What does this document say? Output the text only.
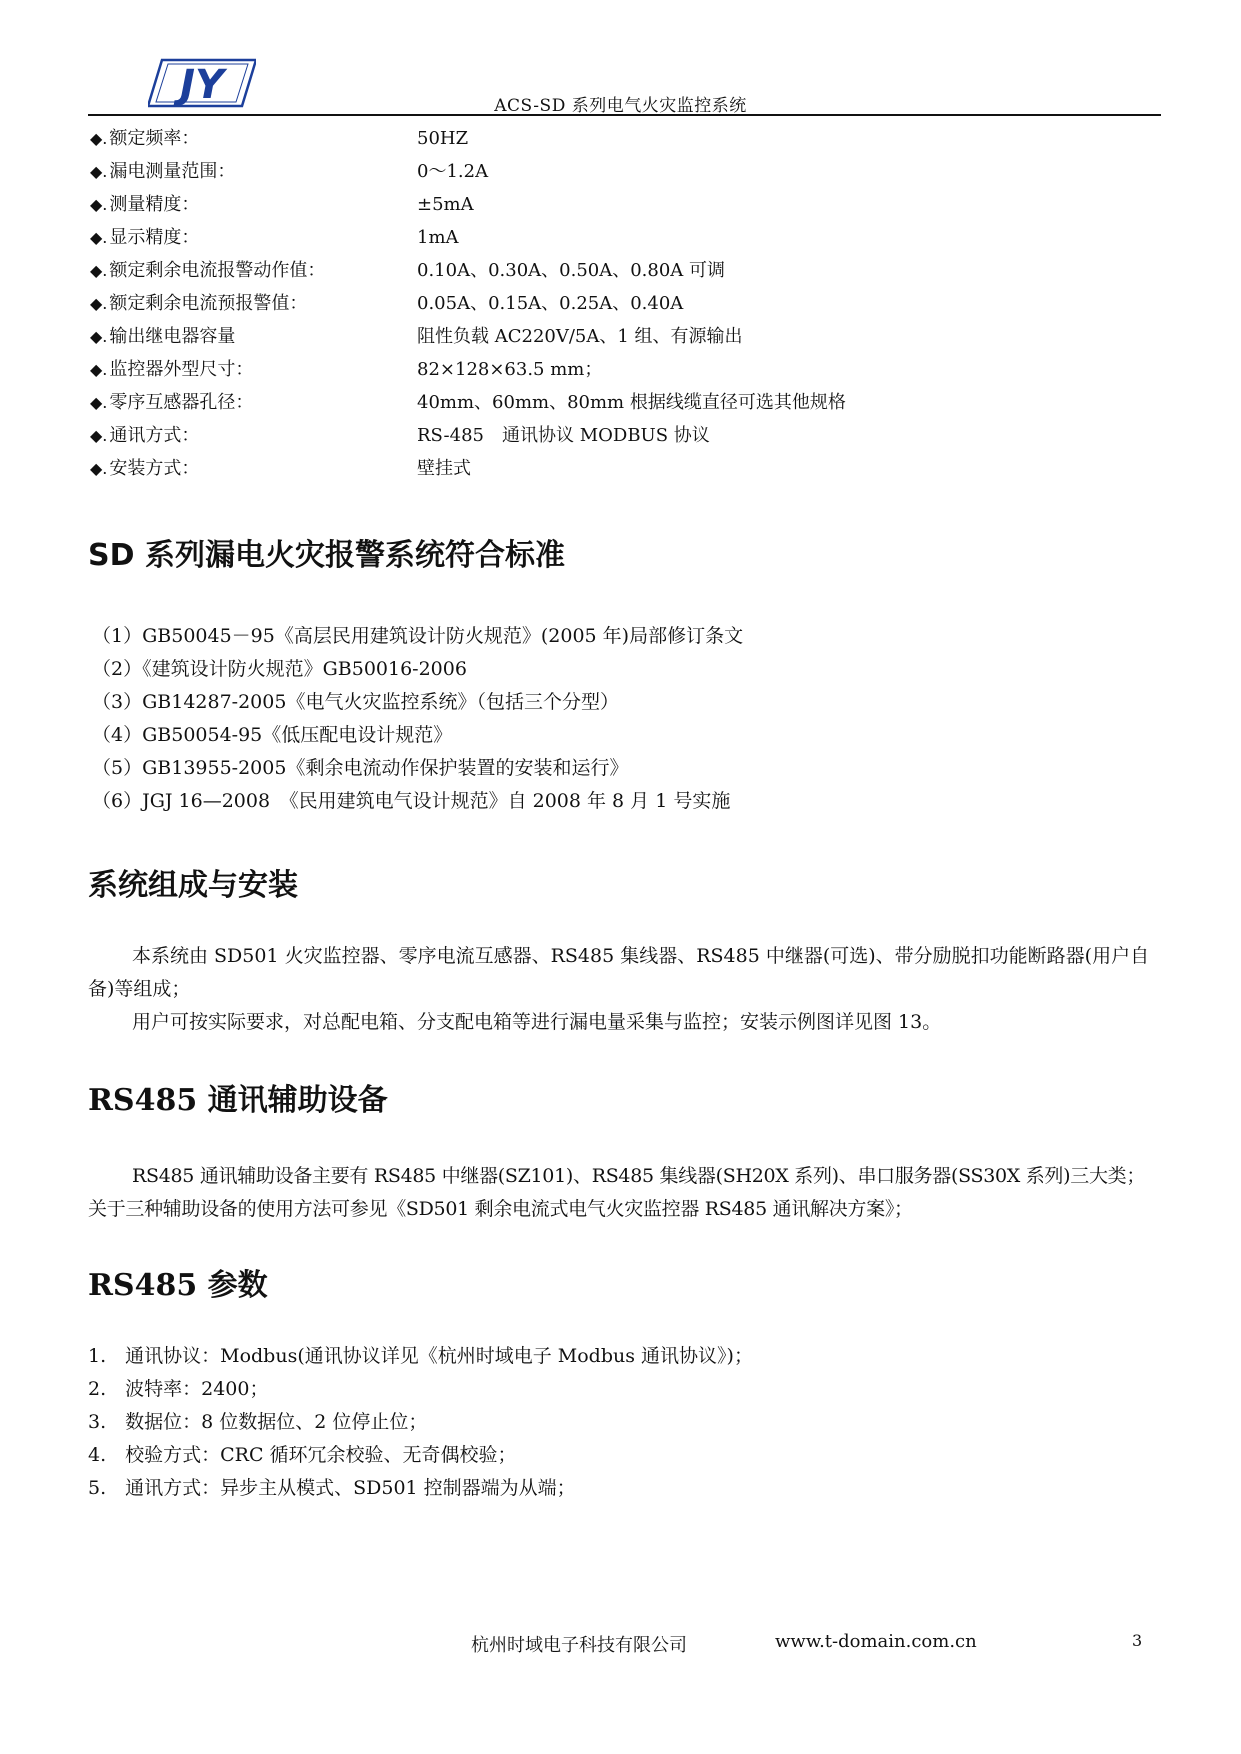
JY	ACS-SD 系列电气火灾监控系统
◆. 额定频率：	50HZ
◆. 漏电测量范围：	0～1.2A
◆. 测量精度：	±5mA
◆. 显示精度：	1mA
◆. 额定剩余电流报警动作值：	0.10A、0.30A、0.50A、0.80A 可调
◆. 额定剩余电流预报警值：	0.05A、0.15A、0.25A、0.40A
◆. 输出继电器容量	阻性负载 AC220V/5A、1 组、有源输出
◆. 监控器外型尺寸：	82×128×63.5 mm；
◆. 零序互感器孔径：	40mm、60mm、80mm 根据线缆直径可选其他规格
◆. 通讯方式：	RS-485　通讯协议 MODBUS 协议
◆. 安装方式：	壁挂式
SD 系列漏电火灾报警系统符合标准
（1）GB50045－95《高层民用建筑设计防火规范》(2005 年)局部修订条文
（2）《建筑设计防火规范》GB50016-2006
（3）GB14287-2005《电气火灾监控系统》（包括三个分型）
（4）GB50054-95《低压配电设计规范》
（5）GB13955-2005《剩余电流动作保护装置的安装和运行》
（6）JGJ 16—2008　《民用建筑电气设计规范》自 2008 年 8 月 1 号实施
系统组成与安装
本系统由 SD501 火灾监控器、零序电流互感器、RS485 集线器、RS485 中继器(可选)、带分励脱扣功能断路器(用户自备)等组成；
用户可按实际要求，对总配电箱、分支配电箱等进行漏电量采集与监控；安装示例图详见图 13。
RS485 通讯辅助设备
RS485 通讯辅助设备主要有 RS485 中继器(SZ101)、RS485 集线器(SH20X 系列)、串口服务器(SS30X 系列)三大类；关于三种辅助设备的使用方法可参见《SD501 剩余电流式电气火灾监控器 RS485 通讯解决方案》；
RS485 参数
1.　通讯协议：Modbus(通讯协议详见《杭州时域电子 Modbus 通讯协议》)；
2.　波特率：2400；
3.　数据位：8 位数据位、2 位停止位；
4.　校验方式：CRC 循环冗余校验、无奇偶校验；
5.　通讯方式：异步主从模式、SD501 控制器端为从端；
杭州时域电子科技有限公司	www.t-domain.com.cn	3
